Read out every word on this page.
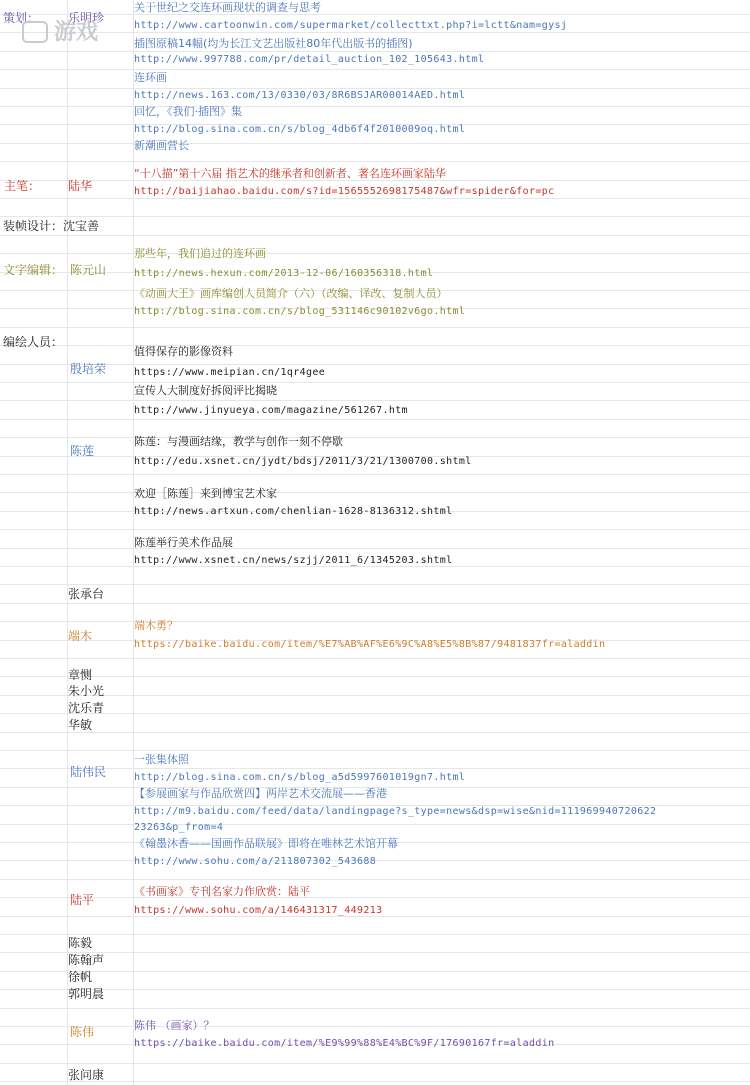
策划： 乐明珍
关于世纪之交连环画现状的调查与思考
http://www.cartoonwin.com/supermarket/collecttxt.php?i=lctt&nam=gysj
插图原稿14幅(均为长江文艺出版社80年代出版书的插图)
http://www.997788.com/pr/detail_auction_102_105643.html
连环画
http://news.163.com/13/0330/03/8R6BSJAR00014AED.html
回忆，《我们·插图》集
http://blog.sina.com.cn/s/blog_4db6f4f2010009oq.html
新潮画营长
主笔： 陆华
“十八描”第十六届 指艺术的继承者和创新者、著名连环画家陆华
http://baijiahao.baidu.com/s?id=1565552698175487&wfr=spider&for=pc
装帧设计：沈宝善
文字编辑： 陈元山
那些年，我们追过的连环画
http://news.hexun.com/2013-12-06/160356318.html
《动画大王》画库编创人员简介（六）（改编、译改、复制人员）
http://blog.sina.com.cn/s/blog_531146c90102v6go.html
编绘人员：
殷培荣
值得保存的影像资料
https://www.meipian.cn/1qr4gee
宣传人大制度好拆阅评比揭晓
http://www.jinyueya.com/magazine/561267.htm
陈莲
陈莲：与漫画结缘，教学与创作一刻不停歇
http://edu.xsnet.cn/jydt/bdsj/2011/3/21/1300700.shtml
欢迎［陈莲］来到博宝艺术家
http://news.artxun.com/chenlian-1628-8136312.shtml
陈莲举行美术作品展
http://www.xsnet.cn/news/szjj/2011_6/1345203.shtml
张承台
端木
端木勇？
https://baike.baidu.com/item/%E7%AB%AF%E6%9C%A8%E5%8B%87/9481837fr=aladdin
章恻
朱小光
沈乐青
华敏
陆伟民
一张集体照
http://blog.sina.com.cn/s/blog_a5d5997601019gn7.html
【参展画家与作品欣赏四】两岸艺术交流展——香港
http://m9.baidu.com/feed/data/landingpage?s_type=news&dsp=wise&nid=111969940720622
23263&p_from=4
《翰墨沐香——国画作品联展》即将在唯林艺术馆开幕
http://www.sohu.com/a/211807302_543688
陆平
《书画家》专刊名家力作欣赏：陆平
https://www.sohu.com/a/146431317_449213
陈毅
陈翰声
徐帆
郭明晨
陈伟	陈伟 （画家）？
https://baike.baidu.com/item/%E9%99%88%E4%BC%9F/17690167fr=aladdin
张问康
游戏
